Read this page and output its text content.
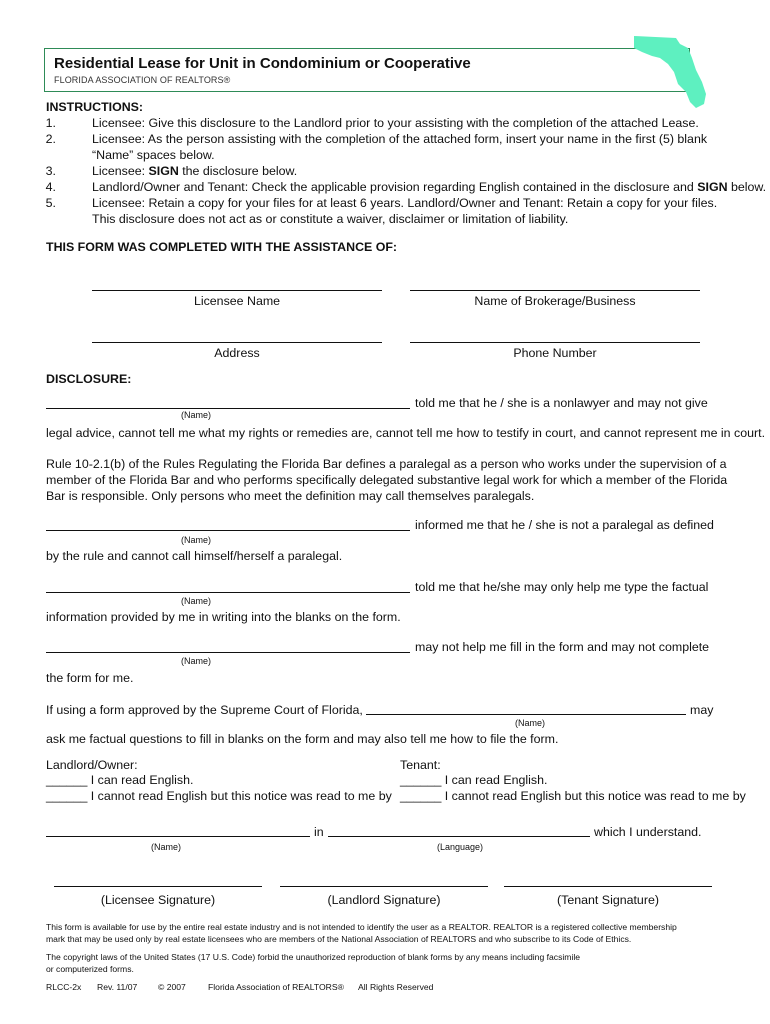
Residential Lease for Unit in Condominium or Cooperative
FLORIDA ASSOCIATION OF REALTORS®
INSTRUCTIONS:
1.	Licensee: Give this disclosure to the Landlord prior to your assisting with the completion of the attached Lease.
2.	Licensee: As the person assisting with the completion of the attached form, insert your name in the first (5) blank
“Name” spaces below.
3.	Licensee: SIGN the disclosure below.
4.	Landlord/Owner and Tenant: Check the applicable provision regarding English contained in the disclosure and SIGN below.
5.	Licensee: Retain a copy for your files for at least 6 years. Landlord/Owner and Tenant: Retain a copy for your files.
This disclosure does not act as or constitute a waiver, disclaimer or limitation of liability.
THIS FORM WAS COMPLETED WITH THE ASSISTANCE OF:
Licensee Name	Name of Brokerage/Business
Address	Phone Number
DISCLOSURE:
told me that he / she is a nonlawyer and may not give
(Name)
legal advice, cannot tell me what my rights or remedies are, cannot tell me how to testify in court, and cannot represent me in court.
Rule 10-2.1(b) of the Rules Regulating the Florida Bar defines a paralegal as a person who works under the supervision of a
member of the Florida Bar and who performs specifically delegated substantive legal work for which a member of the Florida
Bar is responsible. Only persons who meet the definition may call themselves paralegals.
informed me that he / she is not a paralegal as defined
(Name)
by the rule and cannot call himself/herself a paralegal.
told me that he/she may only help me type the factual
(Name)
information provided by me in writing into the blanks on the form.
may not help me fill in the form and may not complete
(Name)
the form for me.
If using a form approved by the Supreme Court of Florida,	may
(Name)
ask me factual questions to fill in blanks on the form and may also tell me how to file the form.
Landlord/Owner:	Tenant:
______ I can read English.	______ I can read English.
______ I cannot read English but this notice was read to me by ______ I cannot read English but this notice was read to me by
in	which I understand.
(Name)	(Language)
(Licensee Signature)	(Landlord Signature)	(Tenant Signature)
This form is available for use by the entire real estate industry and is not intended to identify the user as a REALTOR. REALTOR is a registered collective membership
mark that may be used only by real estate licensees who are members of the National Association of REALTORS and who subscribe to its Code of Ethics.
The copyright laws of the United States (17 U.S. Code) forbid the unauthorized reproduction of blank forms by any means including facsimile
or computerized forms.
RLCC-2x Rev. 11/07 © 2007	Florida Association of REALTORS® All Rights Reserved
